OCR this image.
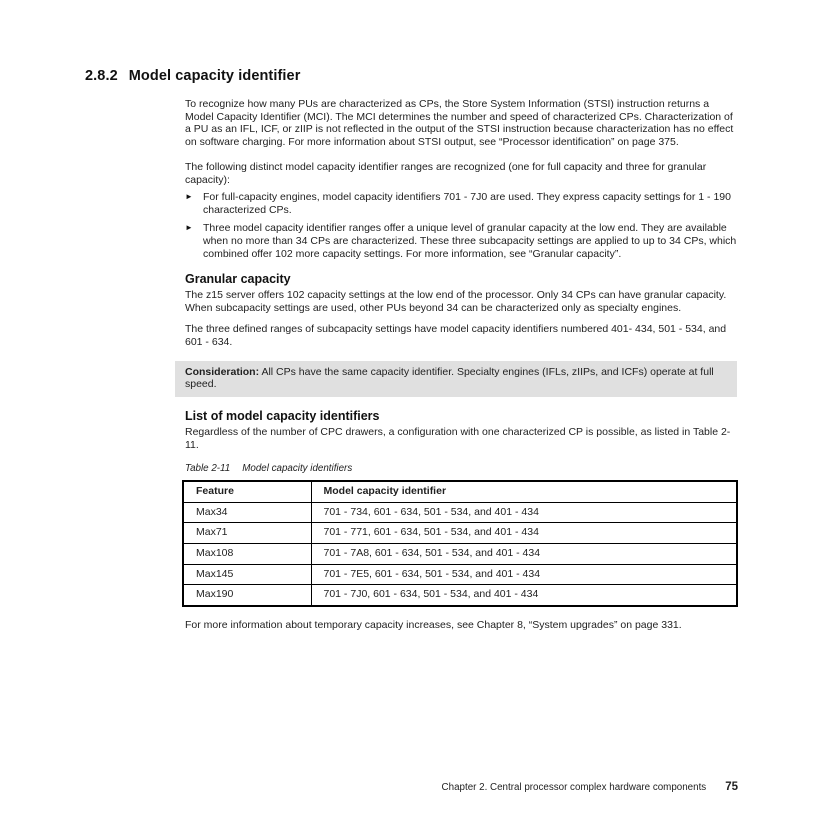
2.8.2 Model capacity identifier

To recognize how many PUs are characterized as CPs, the Store System Information (STSI) instruction returns a Model Capacity Identifier (MCI). The MCI determines the number and speed of characterized CPs. Characterization of a PU as an IFL, ICF, or zIIP is not reflected in the output of the STSI instruction because characterization has no effect on software charging. For more information about STSI output, see “Processor identification” on page 375.

The following distinct model capacity identifier ranges are recognized (one for full capacity and three for granular capacity):

► For full-capacity engines, model capacity identifiers 701 - 7J0 are used. They express capacity settings for 1 - 190 characterized CPs.
► Three model capacity identifier ranges offer a unique level of granular capacity at the low end. They are available when no more than 34 CPs are characterized. These three subcapacity settings are applied to up to 34 CPs, which combined offer 102 more capacity settings. For more information, see “Granular capacity”.
Granular capacity

The z15 server offers 102 capacity settings at the low end of the processor. Only 34 CPs can have granular capacity. When subcapacity settings are used, other PUs beyond 34 can be characterized only as specialty engines.

The three defined ranges of subcapacity settings have model capacity identifiers numbered 401- 434, 501 - 534, and 601 - 634.

Consideration: All CPs have the same capacity identifier. Specialty engines (IFLs, zIIPs, and ICFs) operate at full speed.
List of model capacity identifiers

Regardless of the number of CPC drawers, a configuration with one characterized CP is possible, as listed in Table 2-11.

Table 2-11 Model capacity identifiers
Feature	Model capacity identifier
Max34	701 - 734, 601 - 634, 501 - 534, and 401 - 434
Max71	701 - 771, 601 - 634, 501 - 534, and 401 - 434
Max108	701 - 7A8, 601 - 634, 501 - 534, and 401 - 434
Max145	701 - 7E5, 601 - 634, 501 - 534, and 401 - 434
Max190	701 - 7J0, 601 - 634, 501 - 534, and 401 - 434

For more information about temporary capacity increases, see Chapter 8, “System upgrades” on page 331.

Chapter 2. Central processor complex hardware components 75
